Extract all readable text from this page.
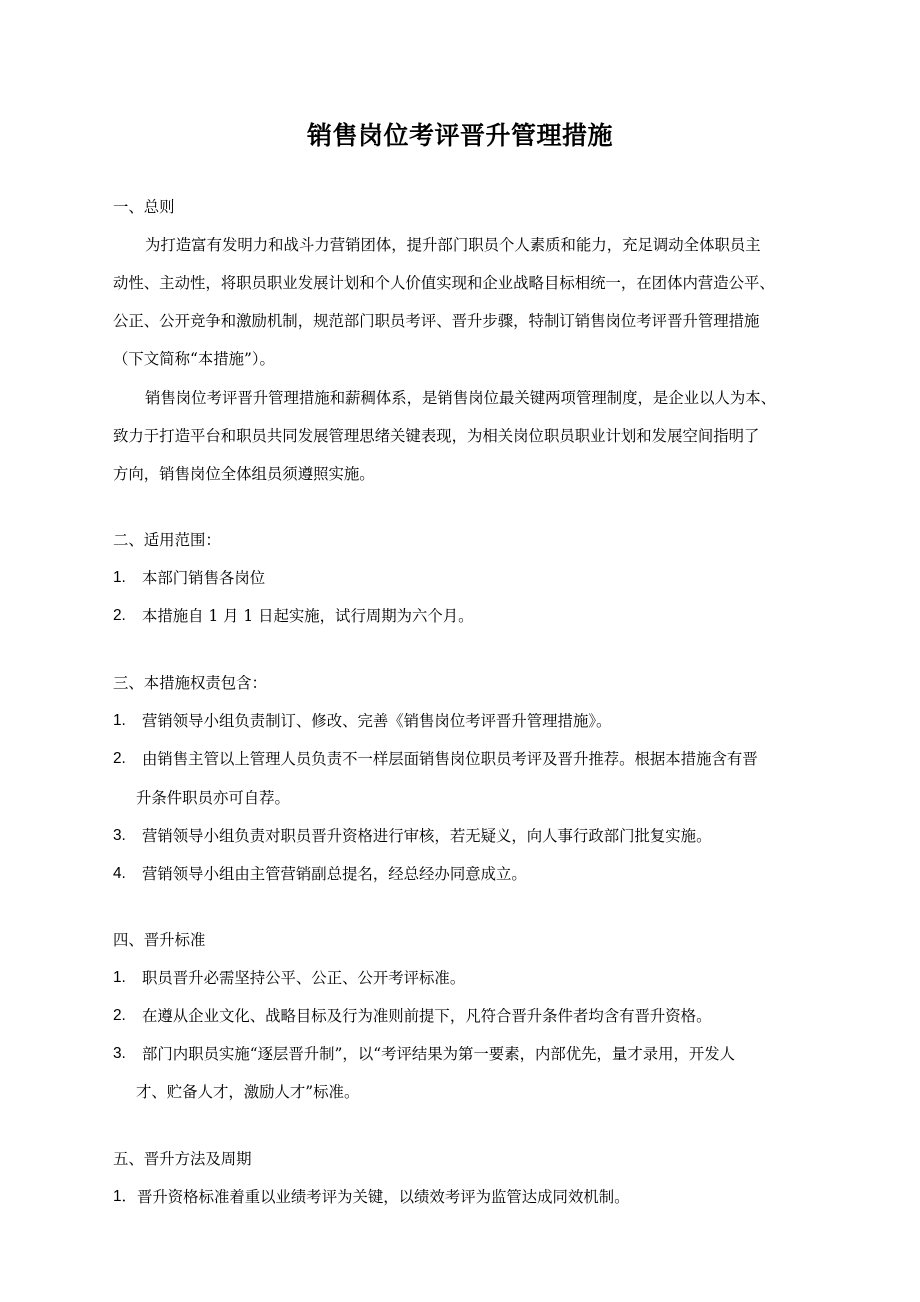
销售岗位考评晋升管理措施
一、总则
为打造富有发明力和战斗力营销团体，提升部门职员个人素质和能力，充足调动全体职员主
动性、主动性，将职员职业发展计划和个人价值实现和企业战略目标相统一，在团体内营造公平、
公正、公开竞争和激励机制，规范部门职员考评、晋升步骤，特制订销售岗位考评晋升管理措施
（下文简称“本措施”）。
销售岗位考评晋升管理措施和薪稠体系，是销售岗位最关键两项管理制度，是企业以人为本、
致力于打造平台和职员共同发展管理思绪关键表现，为相关岗位职员职业计划和发展空间指明了
方向，销售岗位全体组员须遵照实施。
二、适用范围：
1. 本部门销售各岗位
2. 本措施自 1 月 1 日起实施，试行周期为六个月。
三、本措施权责包含：
1. 营销领导小组负责制订、修改、完善《销售岗位考评晋升管理措施》。
2. 由销售主管以上管理人员负责不一样层面销售岗位职员考评及晋升推荐。根据本措施含有晋
升条件职员亦可自荐。
3. 营销领导小组负责对职员晋升资格进行审核，若无疑义，向人事行政部门批复实施。
4. 营销领导小组由主管营销副总提名，经总经办同意成立。
四、晋升标准
1. 职员晋升必需坚持公平、公正、公开考评标准。
2. 在遵从企业文化、战略目标及行为准则前提下，凡符合晋升条件者均含有晋升资格。
3. 部门内职员实施“逐层晋升制”，以“考评结果为第一要素，内部优先，量才录用，开发人
才、贮备人才，激励人才”标准。
五、晋升方法及周期
1． 晋升资格标准着重以业绩考评为关键，以绩效考评为监管达成同效机制。
